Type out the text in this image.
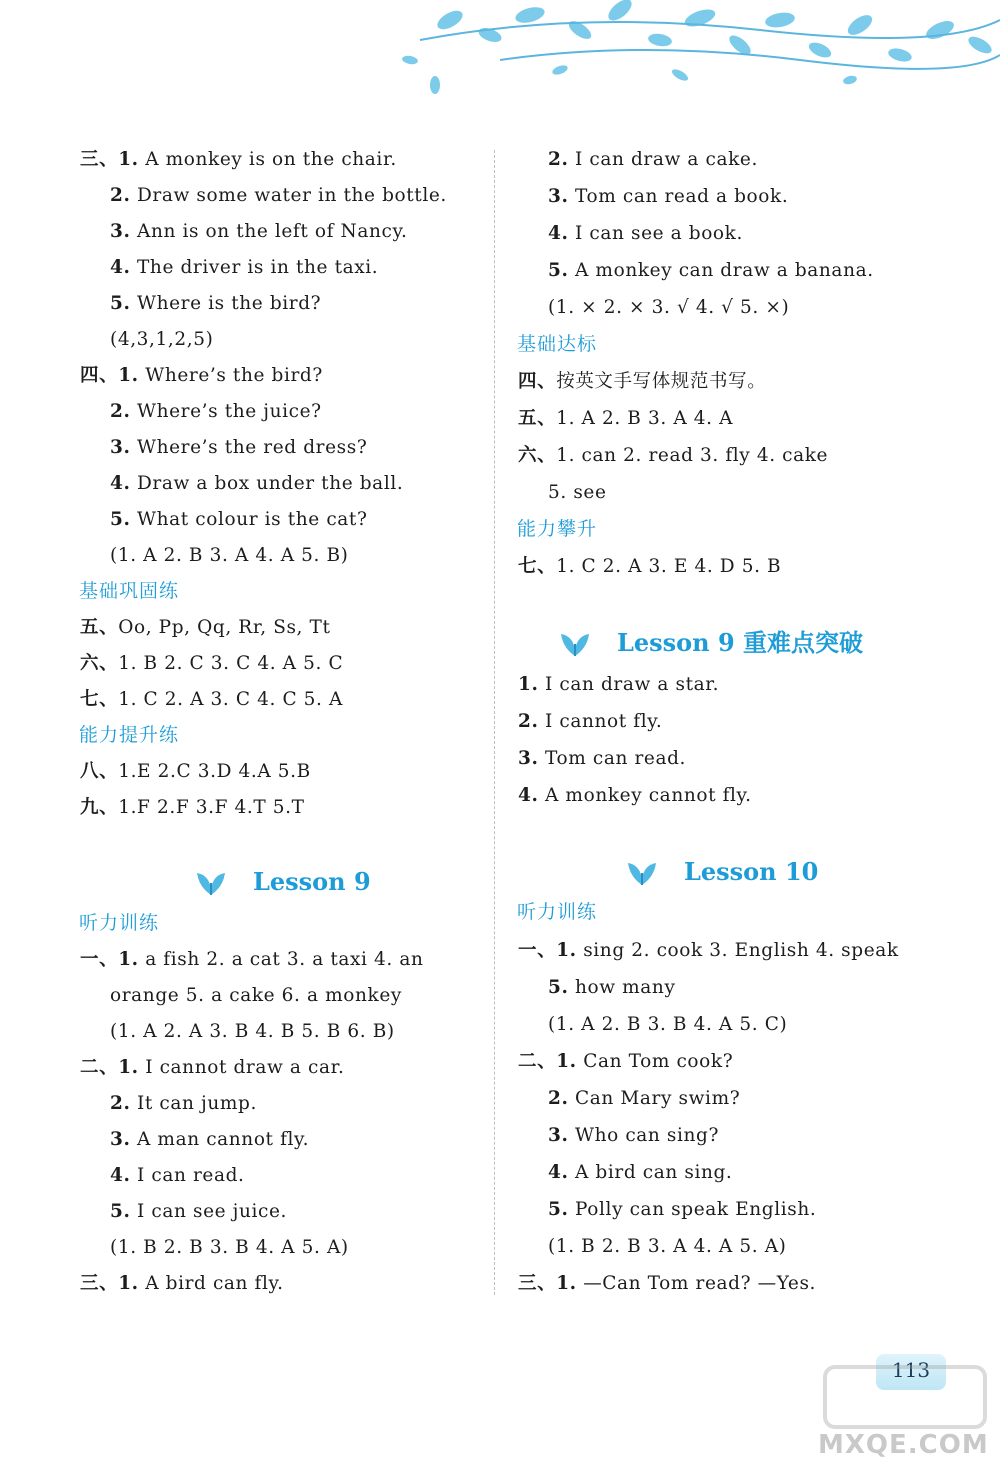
三、1. A monkey is on the chair.
2. Draw some water in the bottle.
3. Ann is on the left of Nancy.
4. The driver is in the taxi.
5. Where is the bird?
(4,3,1,2,5)
四、1. Where’s the bird?
2. Where’s the juice?
3. Where’s the red dress?
4. Draw a box under the ball.
5. What colour is the cat?
(1. A 2. B 3. A 4. A 5. B)
五、Oo, Pp, Qq, Rr, Ss, Tt
六、1. B 2. C 3. C 4. A 5. C
七、1. C 2. A 3. C 4. C 5. A
八、1.E 2.C 3.D 4.A 5.B
九、1.F 2.F 3.F 4.T 5.T
一、1. a fish 2. a cat 3. a taxi 4. an
orange 5. a cake 6. a monkey
(1. A 2. A 3. B 4. B 5. B 6. B)
二、1. I cannot draw a car.
2. It can jump.
3. A man cannot fly.
4. I can read.
5. I can see juice.
(1. B 2. B 3. B 4. A 5. A)
三、1. A bird can fly.
基础巩固练
能力提升练
听力训练
Lesson 9
2. I can draw a cake.
3. Tom can read a book.
4. I can see a book.
5. A monkey can draw a banana.
(1. × 2. × 3. √ 4. √ 5. ×)
四、按英文手写体规范书写。
五、1. A 2. B 3. A 4. A
六、1. can 2. read 3. fly 4. cake
5. see
七、1. C 2. A 3. E 4. D 5. B
1. I can draw a star.
2. I cannot fly.
3. Tom can read.
4. A monkey cannot fly.
一、1. sing 2. cook 3. English 4. speak
5. how many
(1. A 2. B 3. B 4. A 5. C)
二、1. Can Tom cook?
2. Can Mary swim?
3. Who can sing?
4. A bird can sing.
5. Polly can speak English.
(1. B 2. B 3. A 4. A 5. A)
三、1. —Can Tom read? —Yes.
基础达标
能力攀升
听力训练
Lesson 9 重难点突破
Lesson 10
113
MXQE.COM
